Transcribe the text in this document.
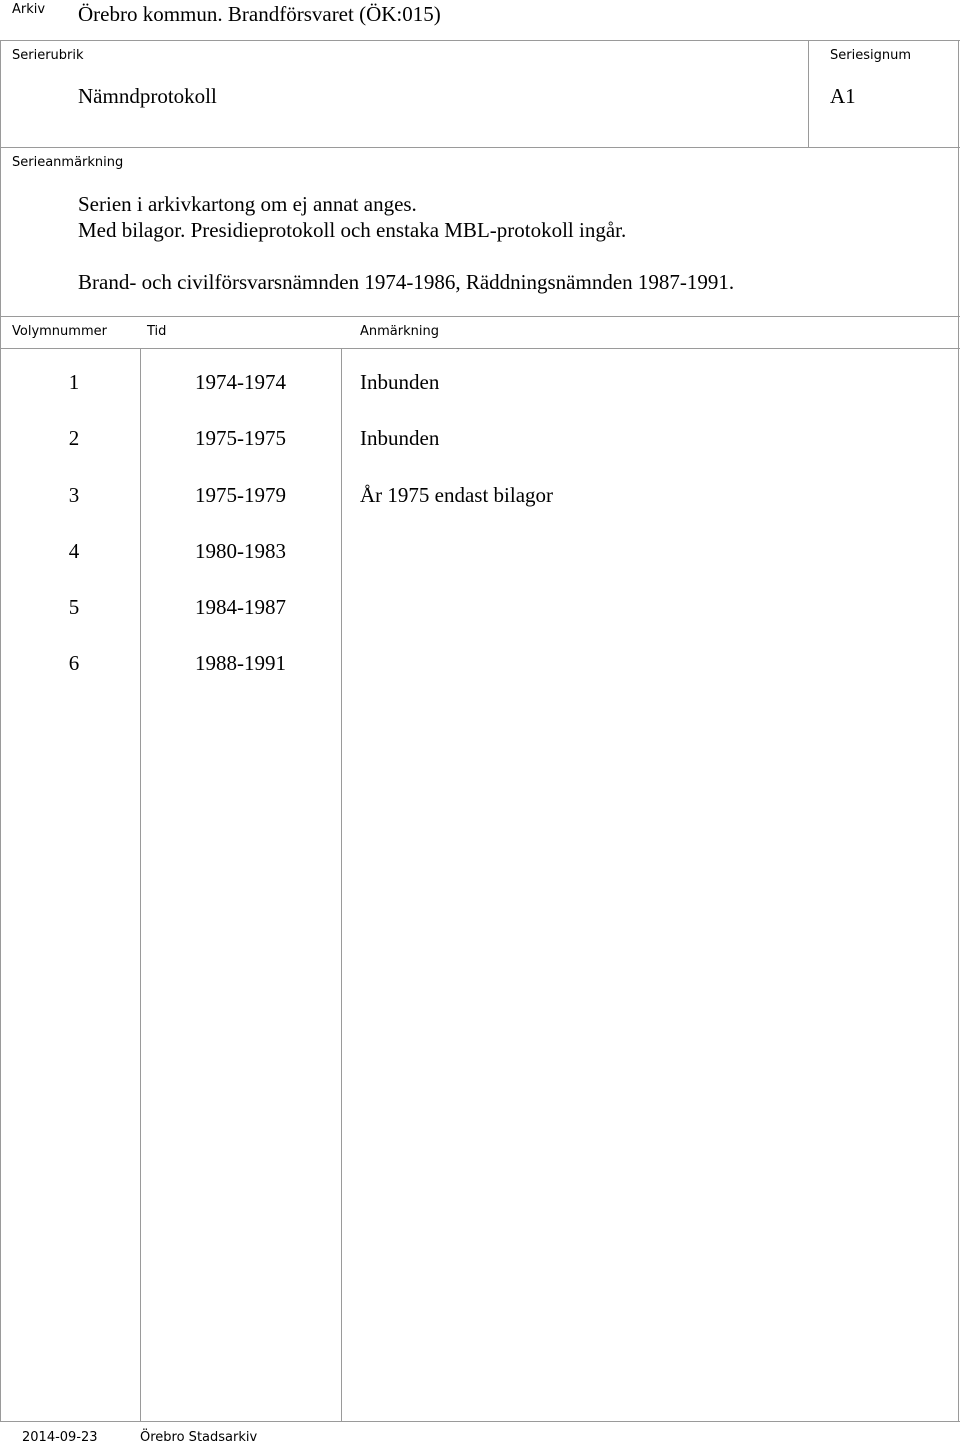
Arkiv Örebro kommun. Brandförsvaret (ÖK:015)
Serierubrik
Nämndprotokoll
Seriesignum
A1
Serieanmärkning
Serien i arkivkartong om ej annat anges.
Med bilagor. Presidieprotokoll och enstaka MBL-protokoll ingår.
Brand- och civilförsvarsnämnden 1974-1986, Räddningsnämnden 1987-1991.
Volymnummer	Tid	Anmärkning
1	1974-1974	Inbunden
2	1975-1975	Inbunden
3	1975-1979	År 1975 endast bilagor
4	1980-1983
5	1984-1987
6	1988-1991
2014-09-23	Örebro Stadsarkiv
